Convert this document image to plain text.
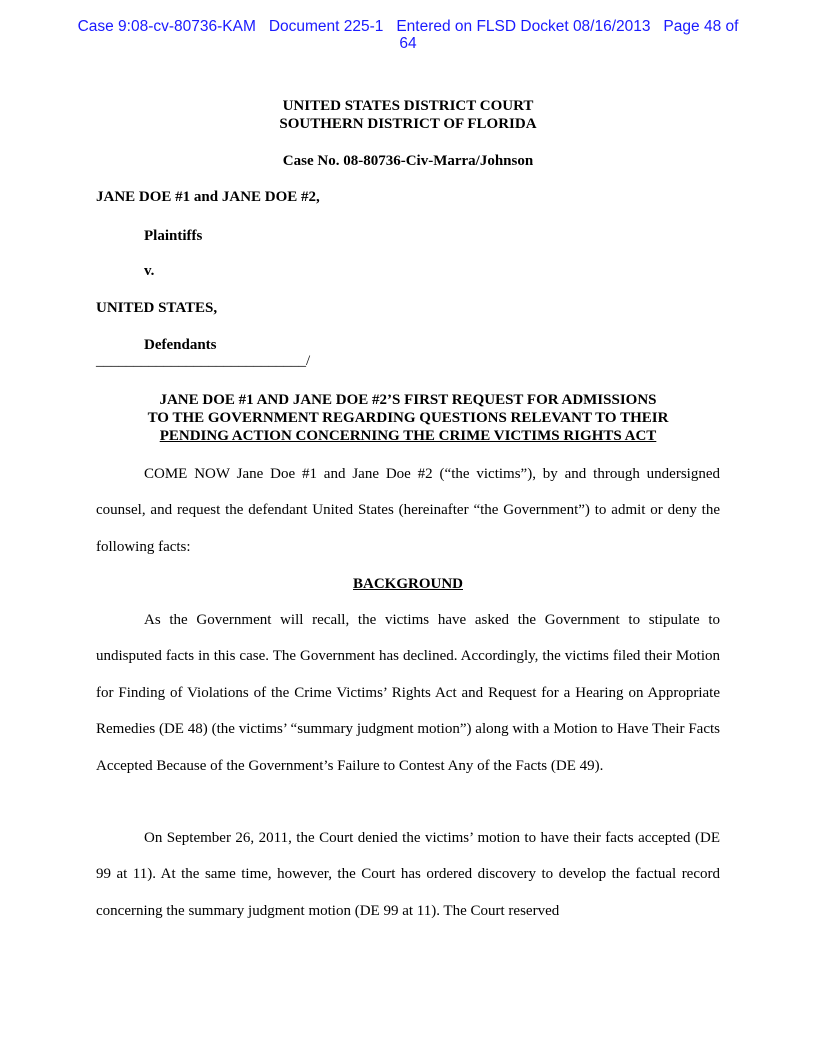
Case 9:08-cv-80736-KAM   Document 225-1   Entered on FLSD Docket 08/16/2013   Page 48 of
64
UNITED STATES DISTRICT COURT
SOUTHERN DISTRICT OF FLORIDA
Case No. 08-80736-Civ-Marra/Johnson
JANE DOE #1 and JANE DOE #2,
Plaintiffs
v.
UNITED STATES,
Defendants
____________________________/
JANE DOE #1 AND JANE DOE #2’S FIRST REQUEST FOR ADMISSIONS
TO THE GOVERNMENT REGARDING QUESTIONS RELEVANT TO THEIR
PENDING ACTION CONCERNING THE CRIME VICTIMS RIGHTS ACT

COME NOW Jane Doe #1 and Jane Doe #2 (“the victims”), by and through undersigned counsel, and request the defendant United States (hereinafter “the Government”) to admit or deny the following facts:

BACKGROUND

As the Government will recall, the victims have asked the Government to stipulate to undisputed facts in this case. The Government has declined. Accordingly, the victims filed their Motion for Finding of Violations of the Crime Victims’ Rights Act and Request for a Hearing on Appropriate Remedies (DE 48) (the victims’ “summary judgment motion”) along with a Motion to Have Their Facts Accepted Because of the Government’s Failure to Contest Any of the Facts (DE 49).

On September 26, 2011, the Court denied the victims’ motion to have their facts accepted (DE 99 at 11). At the same time, however, the Court has ordered discovery to develop the factual record concerning the summary judgment motion (DE 99 at 11). The Court reserved
